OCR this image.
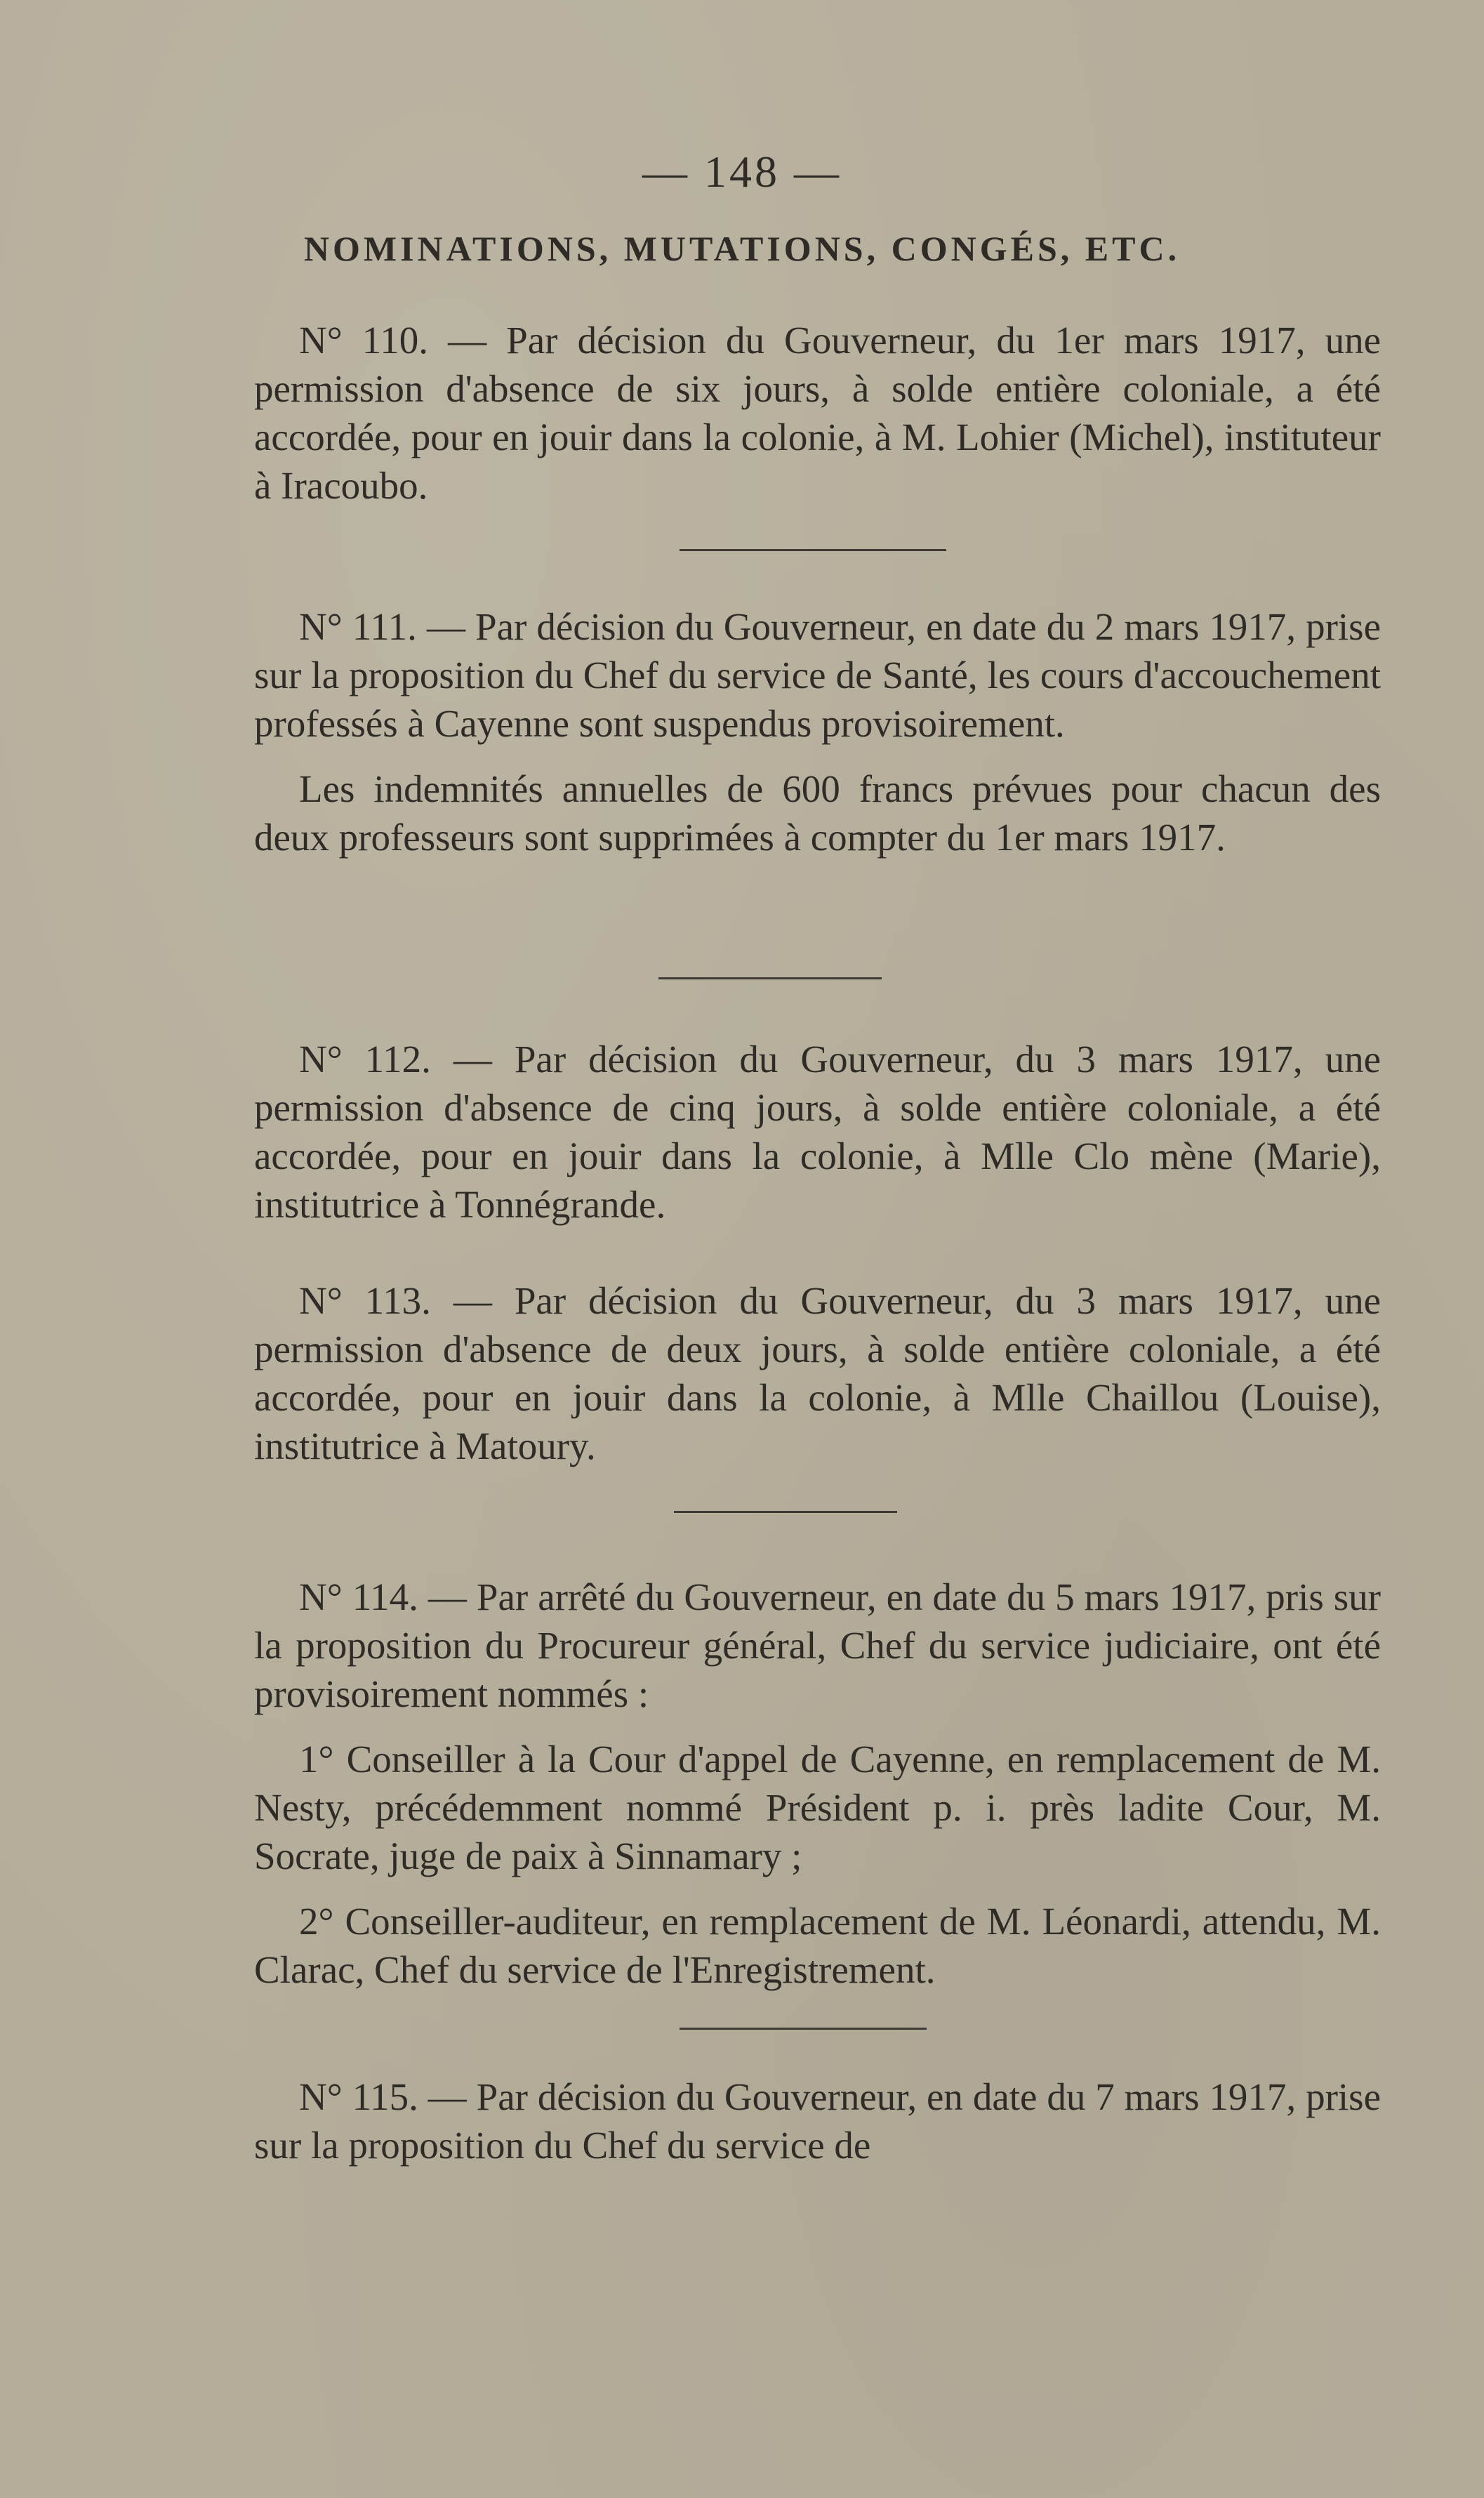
— 148 —
NOMINATIONS, MUTATIONS, CONGÉS, ETC.

N° 110. — Par décision du Gouverneur, du 1er mars 1917, une permission d'absence de six jours, à solde entière coloniale, a été accordée, pour en jouir dans la colonie, à M. Lohier (Michel), instituteur à Iracoubo.

N° 111. — Par décision du Gouverneur, en date du 2 mars 1917, prise sur la proposition du Chef du service de Santé, les cours d'accouchement professés à Cayenne sont suspendus provisoirement.

Les indemnités annuelles de 600 francs prévues pour chacun des deux professeurs sont supprimées à compter du 1er mars 1917.

N° 112. — Par décision du Gouverneur, du 3 mars 1917, une permission d'absence de cinq jours, à solde entière coloniale, a été accordée, pour en jouir dans la colonie, à Mlle Clo mène (Marie), institutrice à Tonnégrande.

N° 113. — Par décision du Gouverneur, du 3 mars 1917, une permission d'absence de deux jours, à solde entière coloniale, a été accordée, pour en jouir dans la colonie, à Mlle Chaillou (Louise), institutrice à Matoury.

N° 114. — Par arrêté du Gouverneur, en date du 5 mars 1917, pris sur la proposition du Procureur général, Chef du service judiciaire, ont été provisoirement nommés :

1° Conseiller à la Cour d'appel de Cayenne, en remplacement de M. Nesty, précédemment nommé Président p. i. près ladite Cour, M. Socrate, juge de paix à Sinnamary ;

2° Conseiller-auditeur, en remplacement de M. Léonardi, attendu, M. Clarac, Chef du service de l'Enregistrement.

N° 115. — Par décision du Gouverneur, en date du 7 mars 1917, prise sur la proposition du Chef du service de
